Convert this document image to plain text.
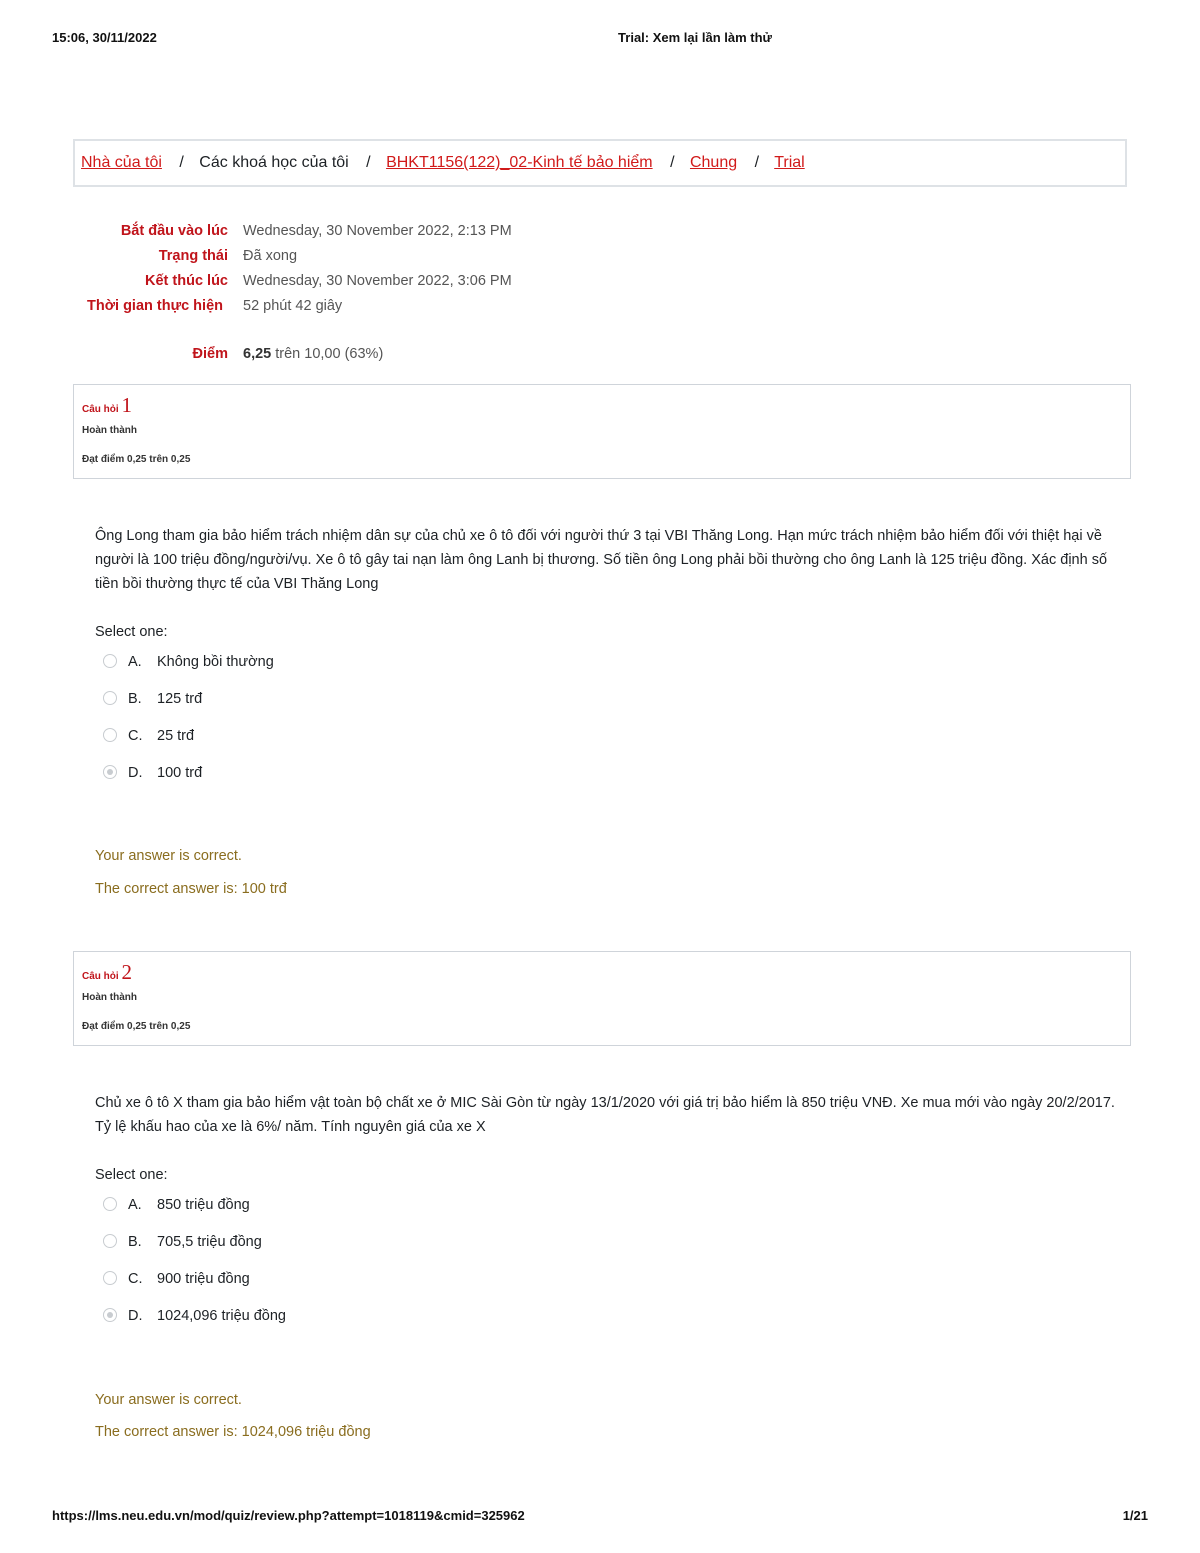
15:06, 30/11/2022	Trial: Xem lại lần làm thử
Nhà của tôi / Các khoá học của tôi / BHKT1156(122)_02-Kinh tế bảo hiểm / Chung / Trial
Bắt đầu vào lúc Wednesday, 30 November 2022, 2:13 PM
Trạng thái Đã xong
Kết thúc lúc Wednesday, 30 November 2022, 3:06 PM
Thời gian thực hiện 52 phút 42 giây
Điểm 6,25 trên 10,00 (63%)
Câu hỏi 1
Hoàn thành
Đạt điểm 0,25 trên 0,25
Ông Long tham gia bảo hiểm trách nhiệm dân sự của chủ xe ô tô đối với người thứ 3 tại VBI Thăng Long. Hạn mức trách nhiệm bảo hiểm đối với thiệt hại về người là 100 triệu đồng/người/vụ. Xe ô tô gây tai nạn làm ông Lanh bị thương. Số tiền ông Long phải bồi thường cho ông Lanh là 125 triệu đồng. Xác định số tiền bồi thường thực tế của VBI Thăng Long
Select one:
A. Không bồi thường
B. 125 trđ
C. 25 trđ
D. 100 trđ
Your answer is correct.
The correct answer is: 100 trđ
Câu hỏi 2
Hoàn thành
Đạt điểm 0,25 trên 0,25
Chủ xe ô tô X tham gia bảo hiểm vật toàn bộ chất xe ở MIC Sài Gòn từ ngày 13/1/2020 với giá trị bảo hiểm là 850 triệu VNĐ. Xe mua mới vào ngày 20/2/2017. Tỷ lệ khấu hao của xe là 6%/ năm. Tính nguyên giá của xe X
Select one:
A. 850 triệu đồng
B. 705,5 triệu đồng
C. 900 triệu đồng
D. 1024,096 triệu đồng
Your answer is correct.
The correct answer is: 1024,096 triệu đồng
https://lms.neu.edu.vn/mod/quiz/review.php?attempt=1018119&cmid=325962	1/21
